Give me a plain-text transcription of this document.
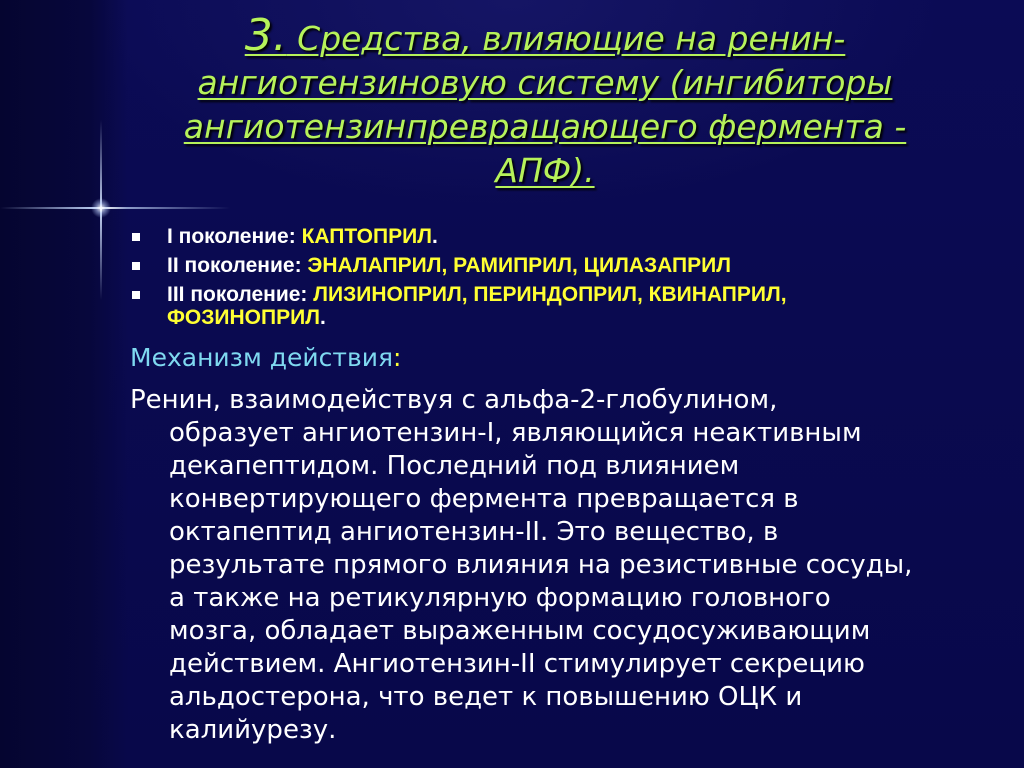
3. Средства, влияющие на ренин-
ангиотензиновую систему (ингибиторы
ангиотензинпревращающего фермента -
АПФ).
I поколение: КАПТОПРИЛ.
II поколение: ЭНАЛАПРИЛ, РАМИПРИЛ, ЦИЛАЗАПРИЛ
III поколение: ЛИЗИНОПРИЛ, ПЕРИНДОПРИЛ, КВИНАПРИЛ,
ФОЗИНОПРИЛ.

Механизм действия:

Ренин, взаимодействуя с альфа-2-глобулином,
образует ангиотензин-I, являющийся неактивным
декапептидом. Последний под влиянием
конвертирующего фермента превращается в
октапептид ангиотензин-II. Это вещество, в
результате прямого влияния на резистивные сосуды,
а также на ретикулярную формацию головного
мозга, обладает выраженным сосудосуживающим
действием. Ангиотензин-II стимулирует секрецию
альдостерона, что ведет к повышению ОЦК и
калийурезу.
